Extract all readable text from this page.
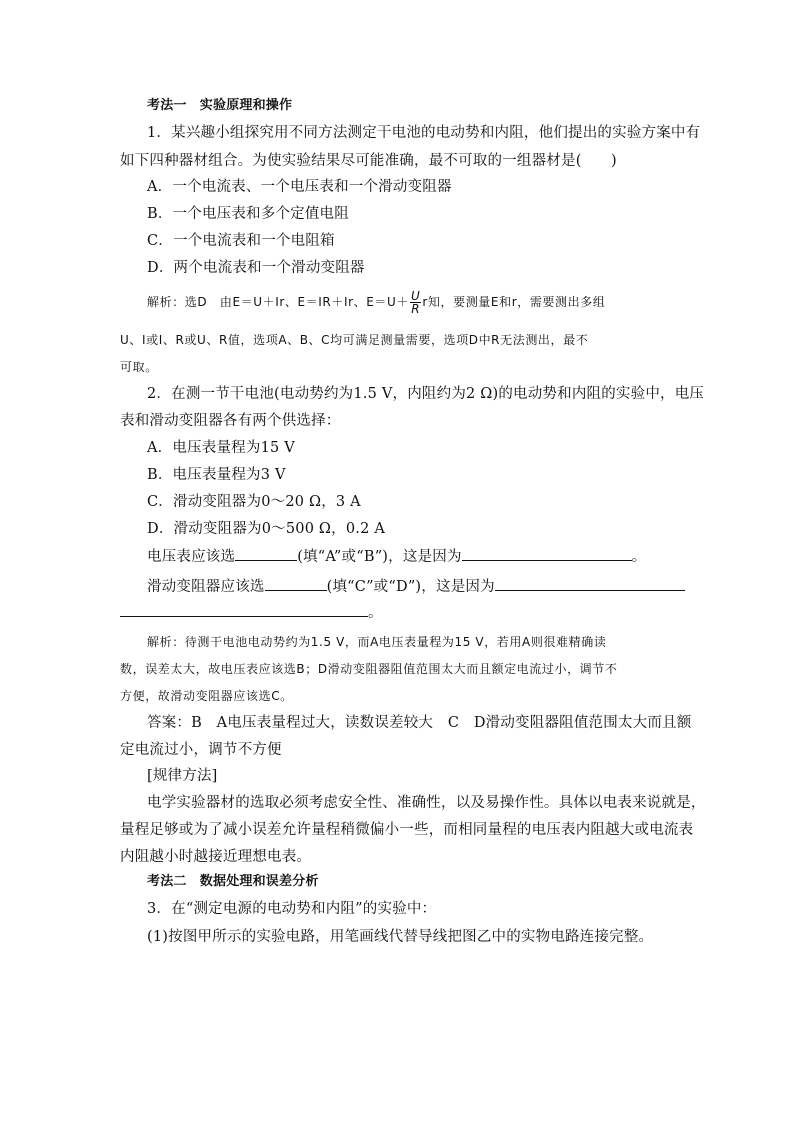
考法一　实验原理和操作
1．某兴趣小组探究用不同方法测定干电池的电动势和内阻，他们提出的实验方案中有
如下四种器材组合。为使实验结果尽可能准确，最不可取的一组器材是(　　)
A．一个电流表、一个电压表和一个滑动变阻器
B．一个电压表和多个定值电阻
C．一个电流表和一个电阻箱
D．两个电流表和一个滑动变阻器
解析：选D　由E＝U＋Ir、E＝IR＋Ir、$E=U+ \frac{U}{R}$ r知，要测量E和r，需要测出多组
U、I或I、R或U、R值，选项A、B、C均可满足测量需要，选项D中R无法测出，最不
可取。
2．在测一节干电池(电动势约为1.5 V，内阻约为2 Ω)的电动势和内阻的实验中，电压
表和滑动变阻器各有两个供选择：
A．电压表量程为15 V
B．电压表量程为3 V
C．滑动变阻器为0～20 Ω，3 A
D．滑动变阻器为0～500 Ω，0.2 A
电压表应该选	(填“A”或“B”)，这是因为	。
滑动变阻器应该选	(填“C”或“D”)，这是因为
。
解析：待测干电池电动势约为1.5 V，而A电压表量程为15 V，若用A则很难精确读
数，误差太大，故电压表应该选B；D滑动变阻器阻值范围太大而且额定电流过小，调节不
方便，故滑动变阻器应该选C。
答案：B　A电压表量程过大，读数误差较大　C　D滑动变阻器阻值范围太大而且额
定电流过小，调节不方便
[规律方法]
电学实验器材的选取必须考虑安全性、准确性，以及易操作性。具体以电表来说就是，
量程足够或为了减小误差允许量程稍微偏小一些，而相同量程的电压表内阻越大或电流表
内阻越小时越接近理想电表。
考法二　数据处理和误差分析
3．在“测定电源的电动势和内阻”的实验中：
(1)按图甲所示的实验电路，用笔画线代替导线把图乙中的实物电路连接完整。
